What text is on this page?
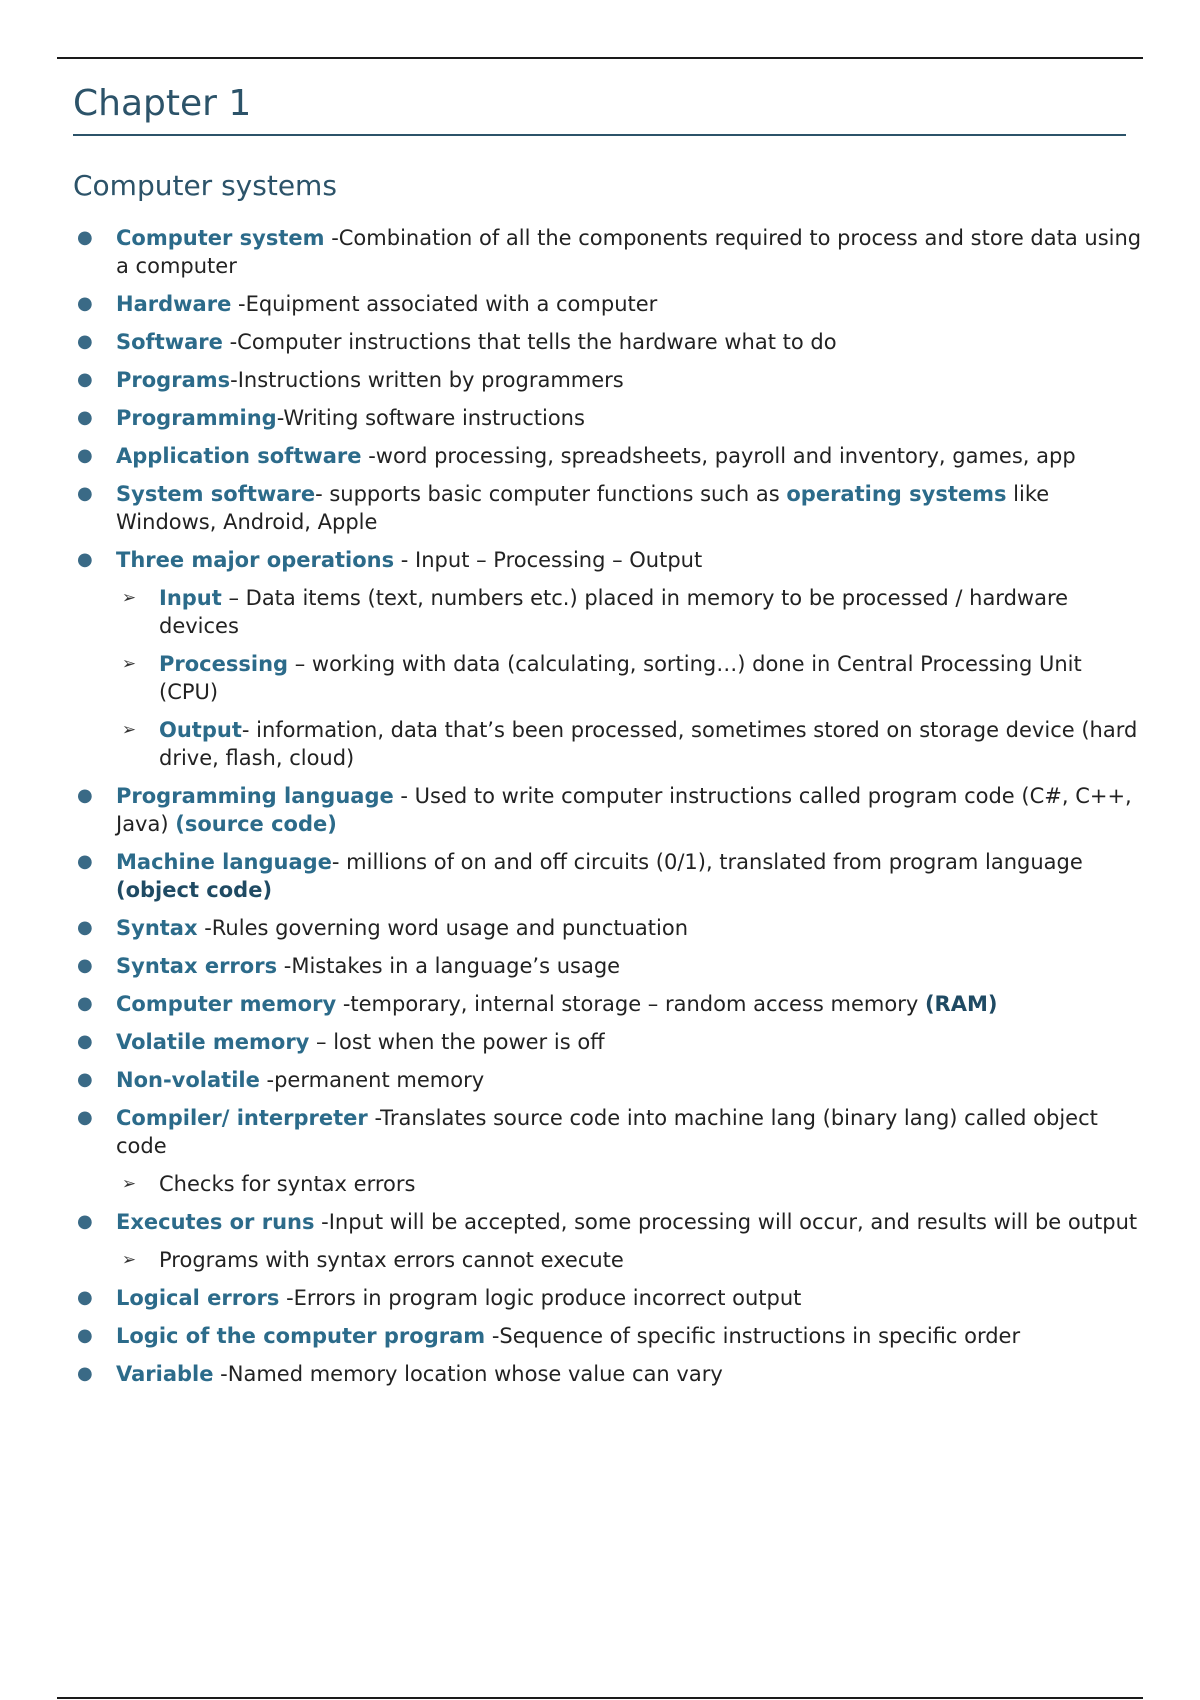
Chapter 1
Computer systems
● Computer system -Combination of all the components required to process and store data using a computer
● Hardware -Equipment associated with a computer
● Software -Computer instructions that tells the hardware what to do
● Programs-Instructions written by programmers
● Programming-Writing software instructions
● Application software -word processing, spreadsheets, payroll and inventory, games, app
● System software- supports basic computer functions such as operating systems like Windows, Android, Apple
● Three major operations - Input – Processing – Output
➢ Input – Data items (text, numbers etc.) placed in memory to be processed / hardware devices
➢ Processing – working with data (calculating, sorting…) done in Central Processing Unit (CPU)
➢ Output- information, data that’s been processed, sometimes stored on storage device (hard drive, flash, cloud)
● Programming language - Used to write computer instructions called program code (C#, C++, Java) (source code)
● Machine language- millions of on and off circuits (0/1), translated from program language (object code)
● Syntax -Rules governing word usage and punctuation
● Syntax errors -Mistakes in a language’s usage
● Computer memory -temporary, internal storage – random access memory (RAM)
● Volatile memory – lost when the power is off
● Non-volatile -permanent memory
● Compiler/ interpreter -Translates source code into machine lang (binary lang) called object code
➢ Checks for syntax errors
● Executes or runs -Input will be accepted, some processing will occur, and results will be output
➢ Programs with syntax errors cannot execute
● Logical errors -Errors in program logic produce incorrect output
● Logic of the computer program -Sequence of specific instructions in specific order
● Variable -Named memory location whose value can vary
